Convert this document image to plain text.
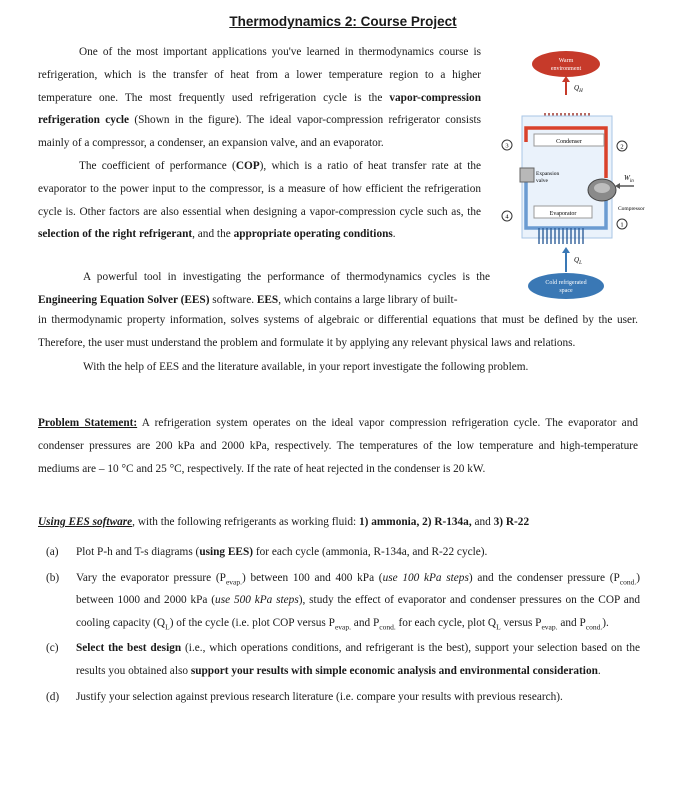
Thermodynamics 2: Course Project

One of the most important applications you've learned in thermodynamics course is refrigeration, which is the transfer of heat from a lower temperature region to a higher temperature one. The most frequently used refrigeration cycle is the vapor-compression refrigeration cycle (Shown in the figure). The ideal vapor-compression refrigerator consists mainly of a compressor, a condenser, an expansion valve, and an evaporator.

The coefficient of performance (COP), which is a ratio of heat transfer rate at the evaporator to the power input to the compressor, is a measure of how efficient the refrigeration cycle is. Other factors are also essential when designing a vapor-compression cycle such as, the selection of the right refrigerant, and the appropriate operating conditions.

A powerful tool in investigating the performance of thermodynamics cycles is the Engineering Equation Solver (EES) software. EES, which contains a large library of built-

in thermodynamic property information, solves systems of algebraic or differential equations that must be defined by the user. Therefore, the user must understand the problem and formulate it by applying any relevant physical laws and relations.

With the help of EES and the literature available, in your report investigate the following problem.

Problem Statement: A refrigeration system operates on the ideal vapor compression refrigeration cycle. The evaporator and condenser pressures are 200 kPa and 2000 kPa, respectively. The temperatures of the low temperature and high-temperature mediums are – 10 °C and 25 °C, respectively. If the rate of heat rejected in the condenser is 20 kW.

Using EES software, with the following refrigerants as working fluid: 1) ammonia, 2) R-134a, and 3) R-22

(a) Plot P-h and T-s diagrams (using EES) for each cycle (ammonia, R-134a, and R-22 cycle).
(b) Vary the evaporator pressure $(P_{evap.})$ between 100 and 400 kPa (use 100 kPa steps) and the condenser pressure $(P_{cond.})$ between 1000 and 2000 kPa (use 500 kPa steps), study the effect of evaporator and condenser pressures on the COP and cooling capacity $(Q_L)$ of the cycle (i.e. plot COP versus $P_{evap.}$ and $P_{cond.}$ for each cycle, plot $Q_L$ versus $P_{evap.}$ and $P_{cond.}$).
(c) Select the best design (i.e., which operations conditions, and refrigerant is the best), support your selection based on the results you obtained also support your results with simple economic analysis and environmental consideration.
(d) Justify your selection against previous research literature (i.e. compare your results with previous research).
Warm
environment
$Q_H$
Condenser
Expansion
valve
Evaporator
Compressor
$W_{in}$
$Q_L$
Cold refrigerated
space
3	2
4
1
